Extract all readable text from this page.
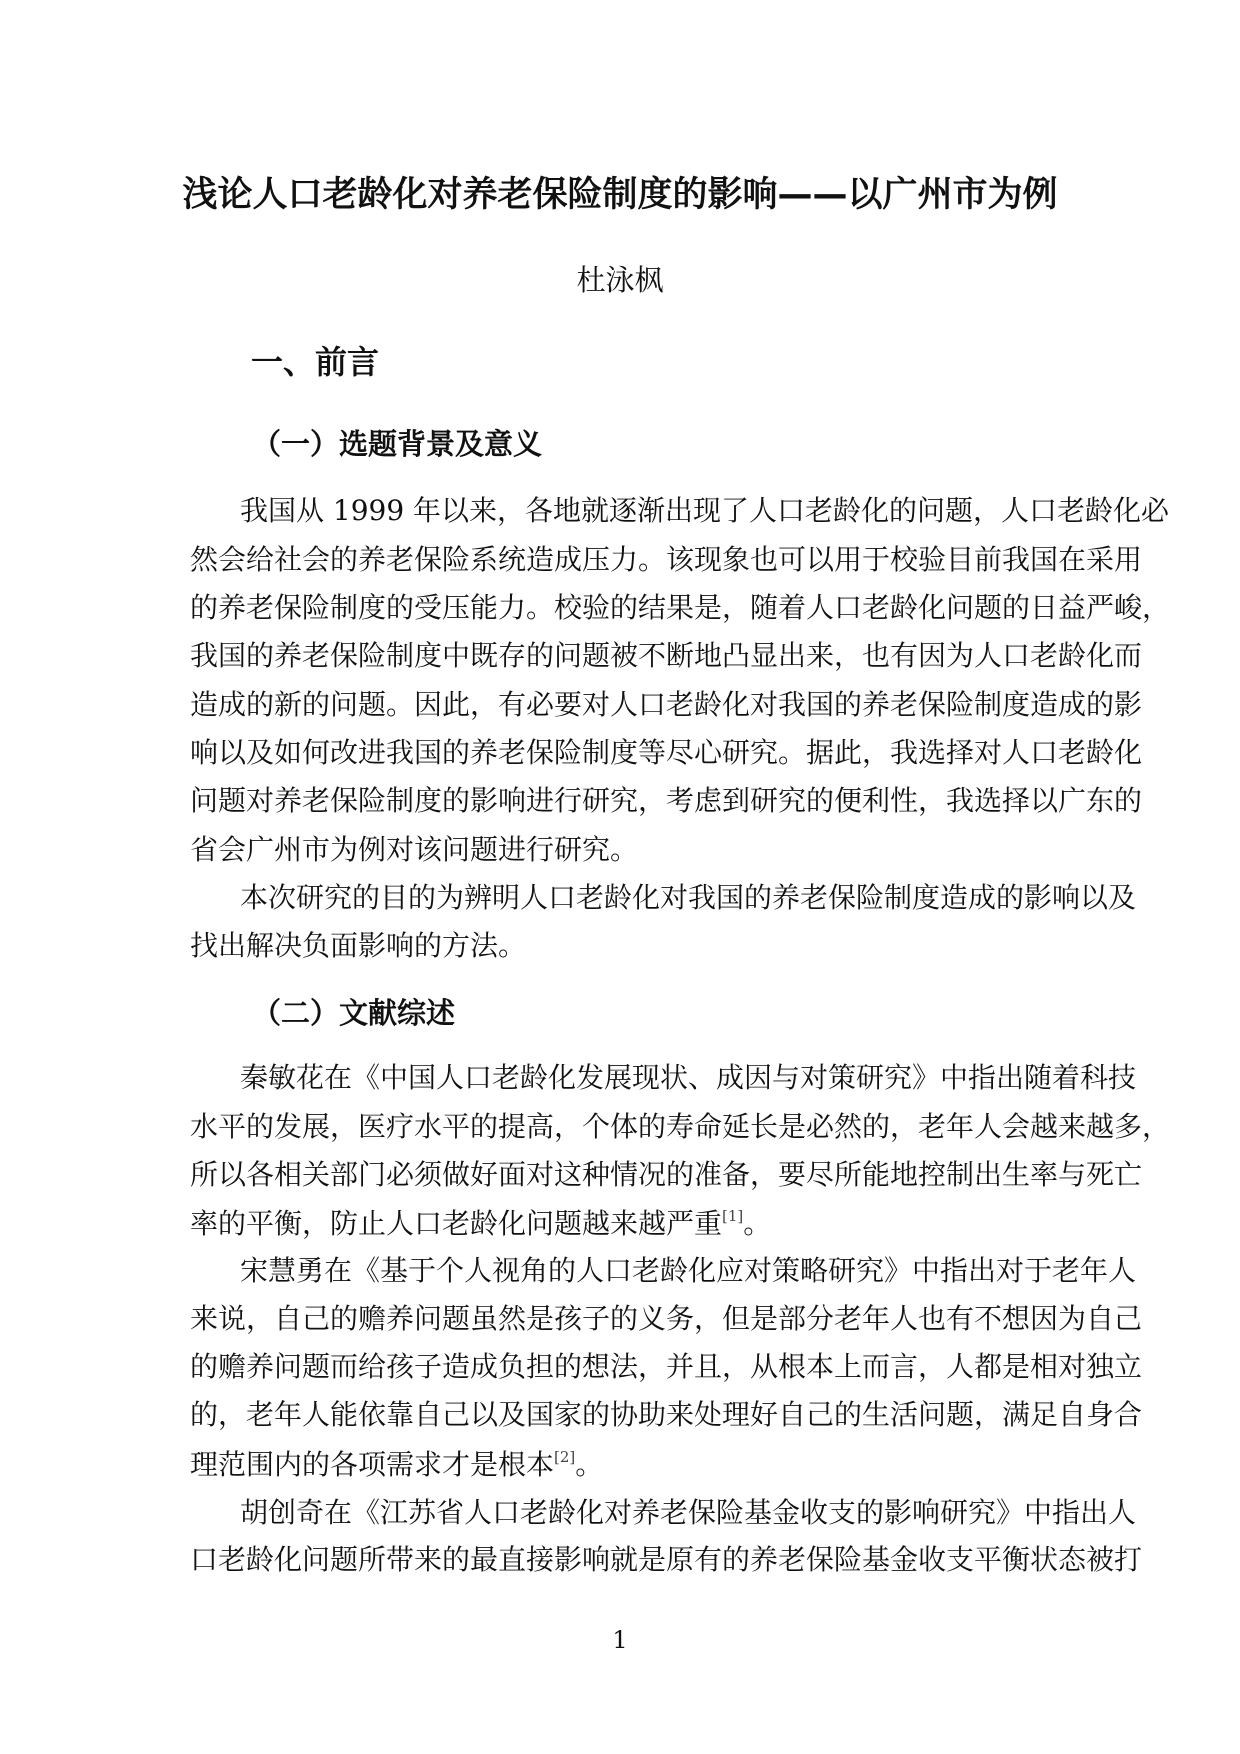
浅论人口老龄化对养老保险制度的影响——以广州市为例
杜泳枫
一、前言
（一）选题背景及意义
我国从 1999 年以来，各地就逐渐出现了人口老龄化的问题，人口老龄化必
然会给社会的养老保险系统造成压力。该现象也可以用于校验目前我国在采用
的养老保险制度的受压能力。校验的结果是，随着人口老龄化问题的日益严峻，
我国的养老保险制度中既存的问题被不断地凸显出来，也有因为人口老龄化而
造成的新的问题。因此，有必要对人口老龄化对我国的养老保险制度造成的影
响以及如何改进我国的养老保险制度等尽心研究。据此，我选择对人口老龄化
问题对养老保险制度的影响进行研究，考虑到研究的便利性，我选择以广东的
省会广州市为例对该问题进行研究。
本次研究的目的为辨明人口老龄化对我国的养老保险制度造成的影响以及
找出解决负面影响的方法。
（二）文献综述
秦敏花在《中国人口老龄化发展现状、成因与对策研究》中指出随着科技
水平的发展，医疗水平的提高，个体的寿命延长是必然的，老年人会越来越多，
所以各相关部门必须做好面对这种情况的准备，要尽所能地控制出生率与死亡
率的平衡，防止人口老龄化问题越来越严重[1]。
宋慧勇在《基于个人视角的人口老龄化应对策略研究》中指出对于老年人
来说，自己的赡养问题虽然是孩子的义务，但是部分老年人也有不想因为自己
的赡养问题而给孩子造成负担的想法，并且，从根本上而言，人都是相对独立
的，老年人能依靠自己以及国家的协助来处理好自己的生活问题，满足自身合
理范围内的各项需求才是根本[2]。
胡创奇在《江苏省人口老龄化对养老保险基金收支的影响研究》中指出人
口老龄化问题所带来的最直接影响就是原有的养老保险基金收支平衡状态被打
1
